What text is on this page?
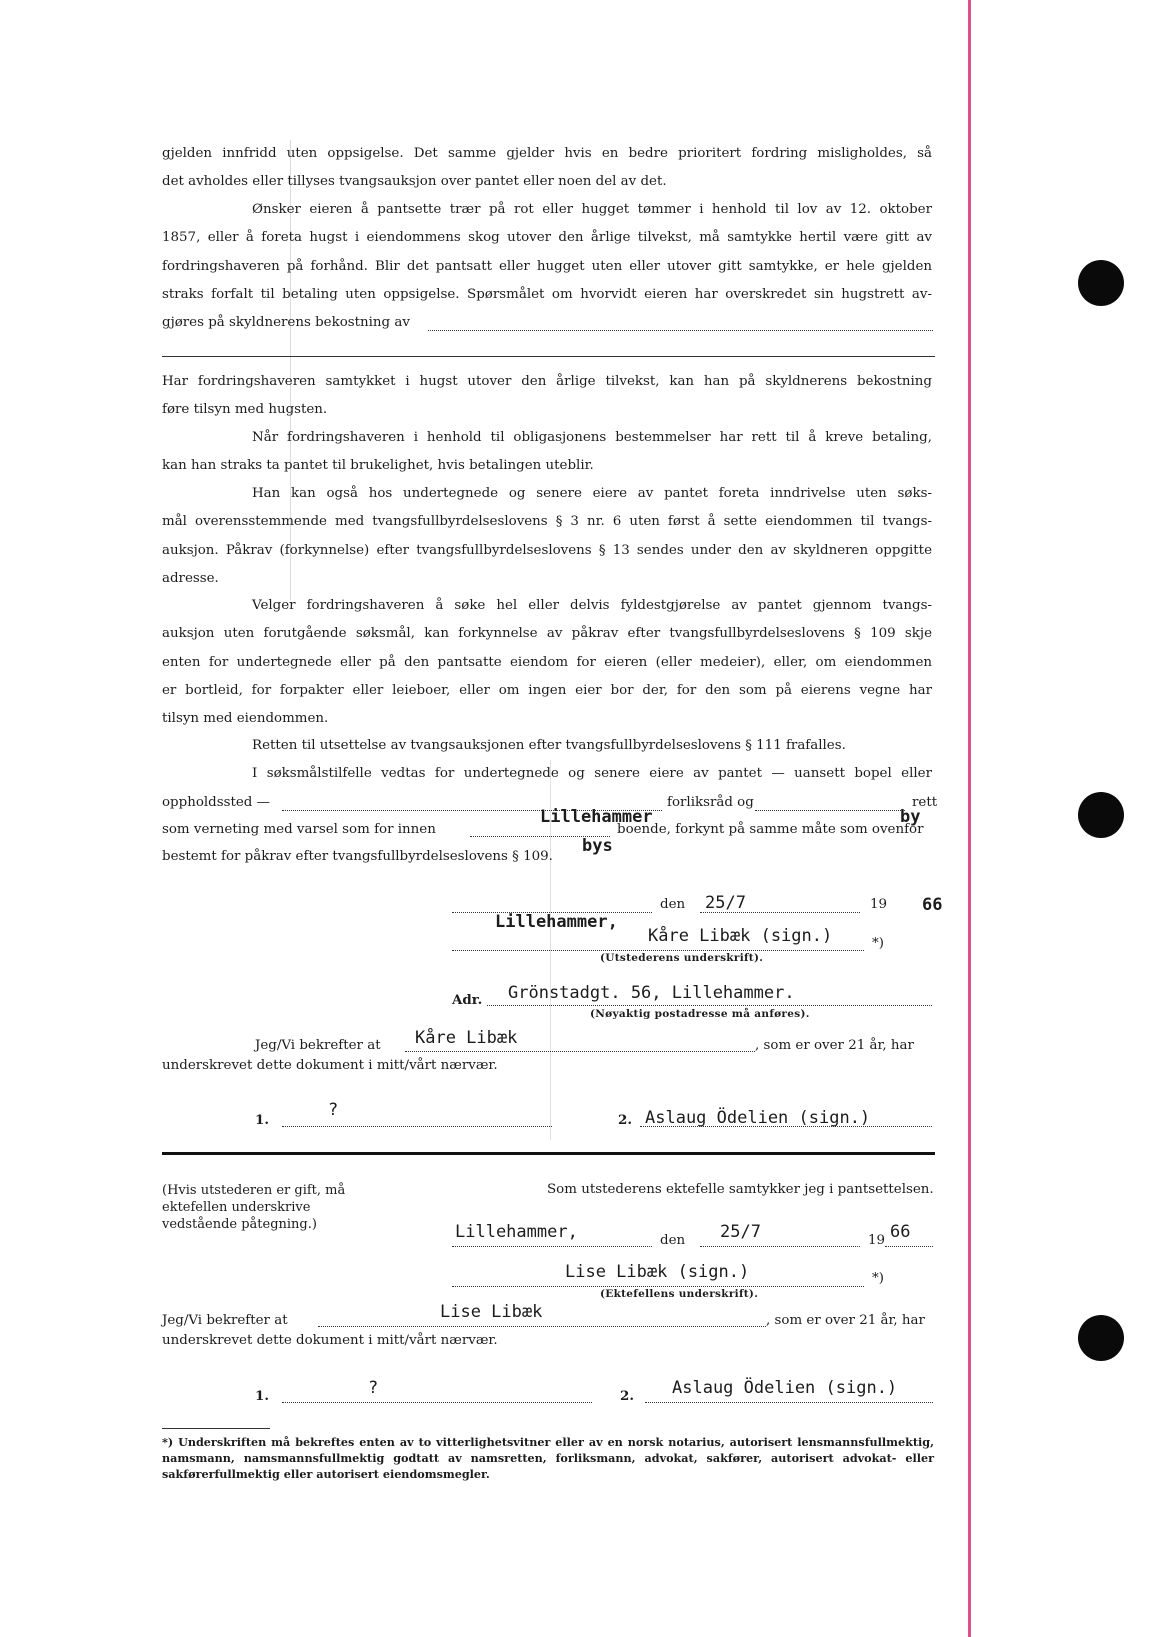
gjelden innfridd uten oppsigelse. Det samme gjelder hvis en bedre prioritert fordring misligholdes, så
det avholdes eller tillyses tvangsauksjon over pantet eller noen del av det.
Ønsker eieren å pantsette trær på rot eller hugget tømmer i henhold til lov av 12. oktober
1857, eller å foreta hugst i eiendommens skog utover den årlige tilvekst, må samtykke hertil være gitt av
fordringshaveren på forhånd. Blir det pantsatt eller hugget uten eller utover gitt samtykke, er hele gjelden
straks forfalt til betaling uten oppsigelse. Spørsmålet om hvorvidt eieren har overskredet sin hugstrett av-
gjøres på skyldnerens bekostning av
Har fordringshaveren samtykket i hugst utover den årlige tilvekst, kan han på skyldnerens bekostning
føre tilsyn med hugsten.
Når fordringshaveren i henhold til obligasjonens bestemmelser har rett til å kreve betaling,
kan han straks ta pantet til brukelighet, hvis betalingen uteblir.
Han kan også hos undertegnede og senere eiere av pantet foreta inndrivelse uten søks-
mål overensstemmende med tvangsfullbyrdelseslovens § 3 nr. 6 uten først å sette eiendommen til tvangs-
auksjon. Påkrav (forkynnelse) efter tvangsfullbyrdelseslovens § 13 sendes under den av skyldneren oppgitte
adresse.
Velger fordringshaveren å søke hel eller delvis fyldestgjørelse av pantet gjennom tvangs-
auksjon uten forutgående søksmål, kan forkynnelse av påkrav efter tvangsfullbyrdelseslovens § 109 skje
enten for undertegnede eller på den pantsatte eiendom for eieren (eller medeier), eller, om eiendommen
er bortleid, for forpakter eller leieboer, eller om ingen eier bor der, for den som på eierens vegne har
tilsyn med eiendommen.
Retten til utsettelse av tvangsauksjonen efter tvangsfullbyrdelseslovens § 111 frafalles.
I søksmålstilfelle vedtas for undertegnede og senere eiere av pantet — uansett bopel eller
oppholdssted —	forliksråd og	rett
Lillehammer	by
som verneting med varsel som for innen	boende, forkynt på samme måte som ovenfor
bys
bestemt for påkrav efter tvangsfullbyrdelseslovens § 109.
den 25/7	19 66
Lillehammer,
Kåre Libæk (sign.)	*)
(Utstederens underskrift).
Adr. Grönstadgt. 56, Lillehammer.
(Nøyaktig postadresse må anføres).
Jeg/Vi bekrefter at Kåre Libæk	, som er over 21 år, har
underskrevet dette dokument i mitt/vårt nærvær.
1.	?	2. Aslaug Ödelien (sign.)
(Hvis utstederen er gift, må ektefellen underskrive vedstående påtegning.)
Som utstederens ektefelle samtykker jeg i pantsettelsen.
Lillehammer,	den 25/7	19 66
Lise Libæk (sign.)	*)
(Ektefellens underskrift).
Jeg/Vi bekrefter at	Lise Libæk	, som er over 21 år, har
underskrevet dette dokument i mitt/vårt nærvær.
1.	?	2. Aslaug Ödelien (sign.)
*) Underskriften må bekreftes enten av to vitterlighetsvitner eller av en norsk notarius, autorisert lensmannsfullmektig, namsmann, namsmannsfullmektig godtatt av namsretten, forliksmann, advokat, sakfører, autorisert advokat- eller sakførerfullmektig eller autorisert eiendomsmegler.
